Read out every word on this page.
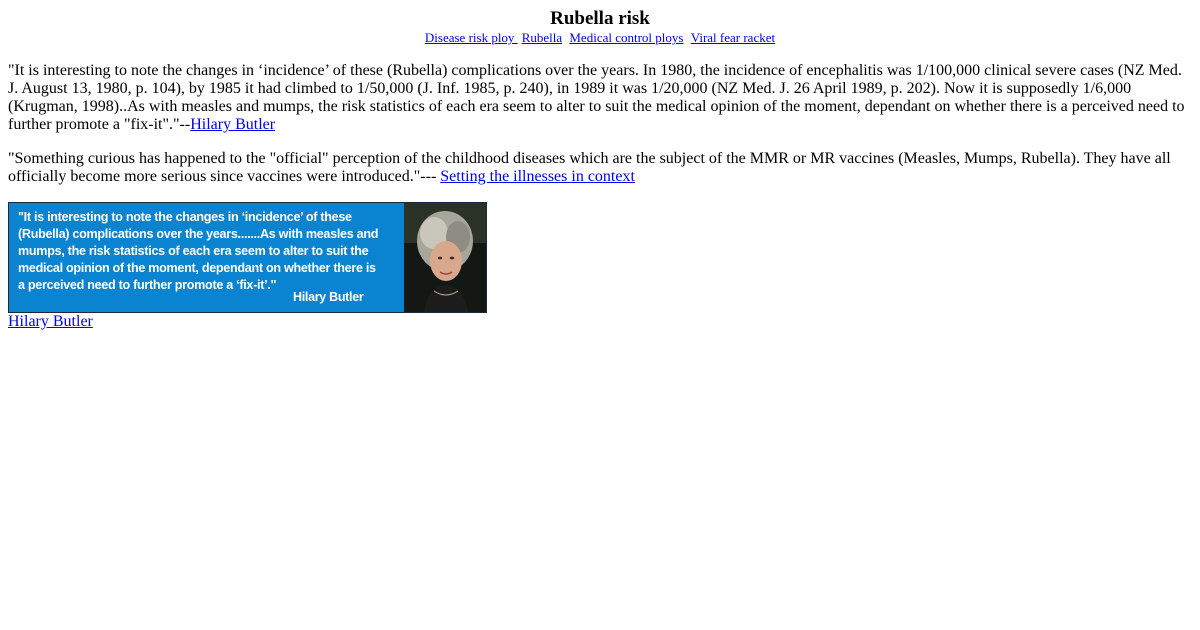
Rubella risk
Disease risk ploy Rubella Medical control ploys Viral fear racket

"It is interesting to note the changes in ‘incidence’ of these (Rubella) complications over the years. In 1980, the incidence of encephalitis was 1/100,000 clinical severe cases (NZ Med. J. August 13, 1980, p. 104), by 1985 it had climbed to 1/50,000 (J. Inf. 1985, p. 240), in 1989 it was 1/20,000 (NZ Med. J. 26 April 1989, p. 202). Now it is supposedly 1/6,000 (Krugman, 1998)..As with measles and mumps, the risk statistics of each era seem to alter to suit the medical opinion of the moment, dependant on whether there is a perceived need to further promote a "fix-it"."--Hilary Butler

"Something curious has happened to the "official" perception of the childhood diseases which are the subject of the MMR or MR vaccines (Measles, Mumps, Rubella). They have all officially become more serious since vaccines were introduced."--- Setting the illnesses in context

"It is interesting to note the changes in ‘incidence’ of these
(Rubella) complications over the years.......As with measles and
mumps, the risk statistics of each era seem to alter to suit the
medical opinion of the moment, dependant on whether there is
a perceived need to further promote a ‘fix-it’."
Hilary Butler
Hilary Butler
